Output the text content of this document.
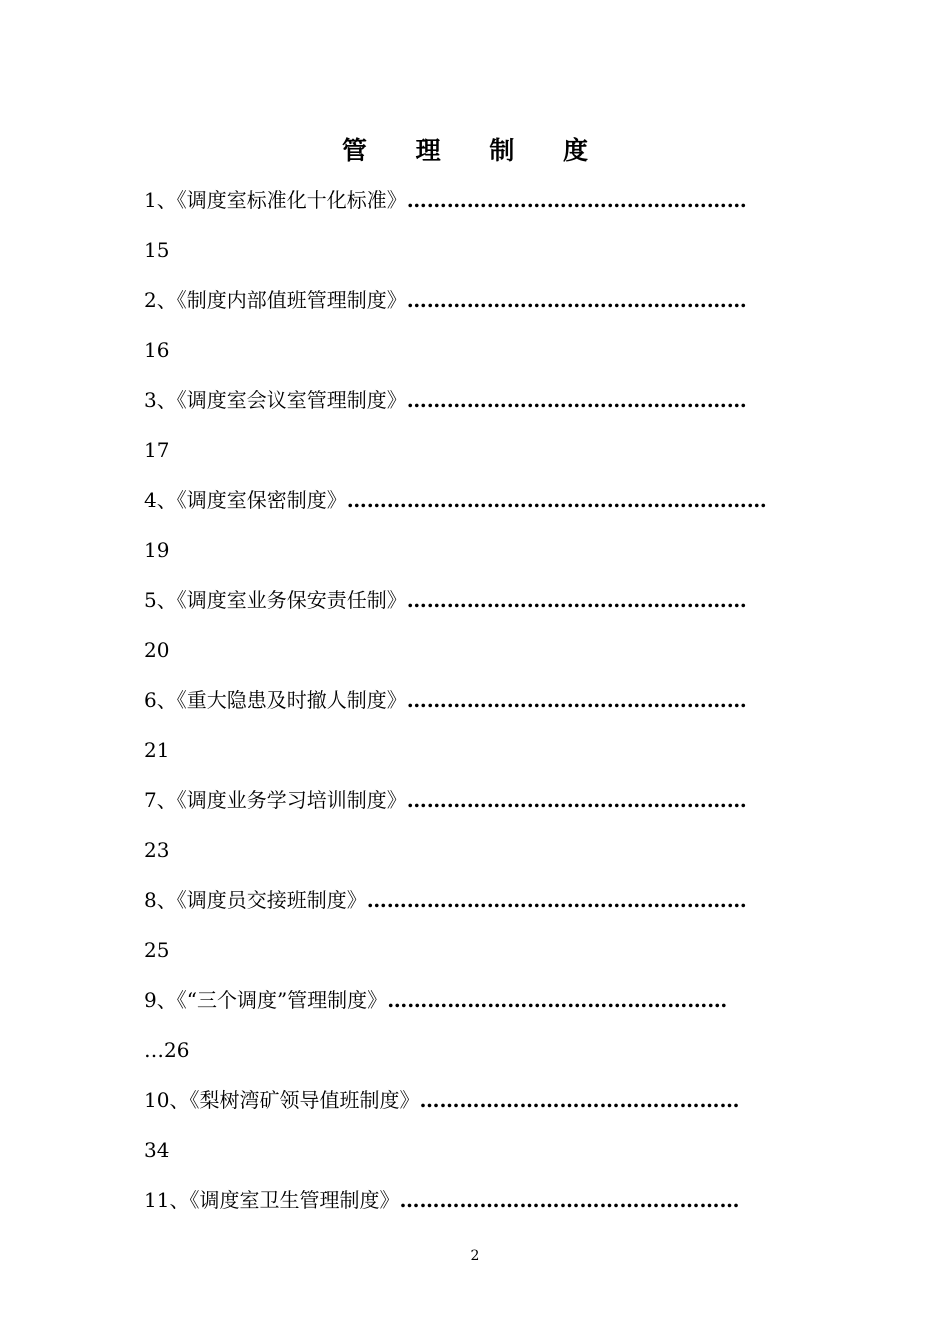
管 理 制 度
1、《调度室标准化十化标准》 ……………………………………………
15
2、《制度内部值班管理制度》 ……………………………………………
16
3、《调度室会议室管理制度》 ……………………………………………
17
4、《调度室保密制度》 ………………………………………………………
19
5、《调度室业务保安责任制》 ……………………………………………
20
6、《重大隐患及时撤人制度》 ……………………………………………
21
7、《调度业务学习培训制度》 ……………………………………………
23
8、《调度员交接班制度》 …………………………………………………
25
9、《“三个调度”管理制度》 ……………………………………………
…26
10、《梨树湾矿领导值班制度》 …………………………………………
34
11、《调度室卫生管理制度》 ……………………………………………
2
